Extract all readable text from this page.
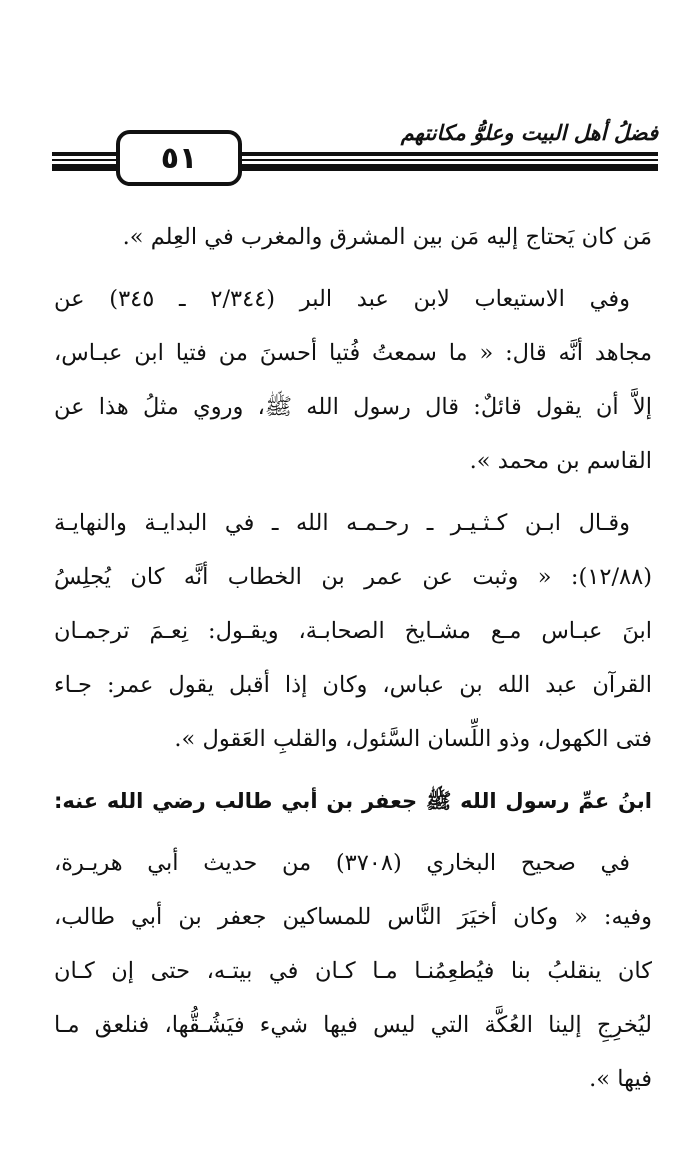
٥١
فضلُ أهل البيت وعلوُّ مكانتهم
مَن كان يَحتاج إليه مَن بين المشرق والمغرب في العِلم ».
وفي الاستيعاب لابن عبد البر (٢/٣٤٤ ـ ٣٤٥) عن
مجاهد أنَّه قال: « ما سمعتُ فُتيا أحسنَ من فتيا ابن عبـاس،
إلاَّ أن يقول قائلٌ: قال رسول الله ﷺ، وروي مثلُ هذا عن
القاسم بن محمد ».
وقـال ابـن كـثـيـر ـ رحـمـه الله ـ في البدايـة والنهايـة
(١٢/٨٨): « وثبت عن عمر بن الخطاب أنَّه كان يُجلِسُ
ابنَ عبـاس مـع مشـايخ الصحابـة، ويقـول: نِعـمَ ترجمـان
القرآن عبد الله بن عباس، وكان إذا أقبل يقول عمر: جـاء
فتى الكهول، وذو اللِّسان السَّئول، والقلبِ العَقول ».
ابنُ عمِّ رسول الله ﷺ جعفر بن أبي طالب رضي الله عنه:
في صحيح البخاري (٣٧٠٨) من حديث أبي هريـرة،
وفيه: « وكان أخيَرَ النَّاس للمساكين جعفر بن أبي طالب،
كان ينقلبُ بنا فيُطعِمُنـا مـا كـان في بيتـه، حتى إن كـان
ليُخرِجِ إلينا العُكَّة التي ليس فيها شيء فيَشُـقُّها، فنلعق مـا
فيها ».
